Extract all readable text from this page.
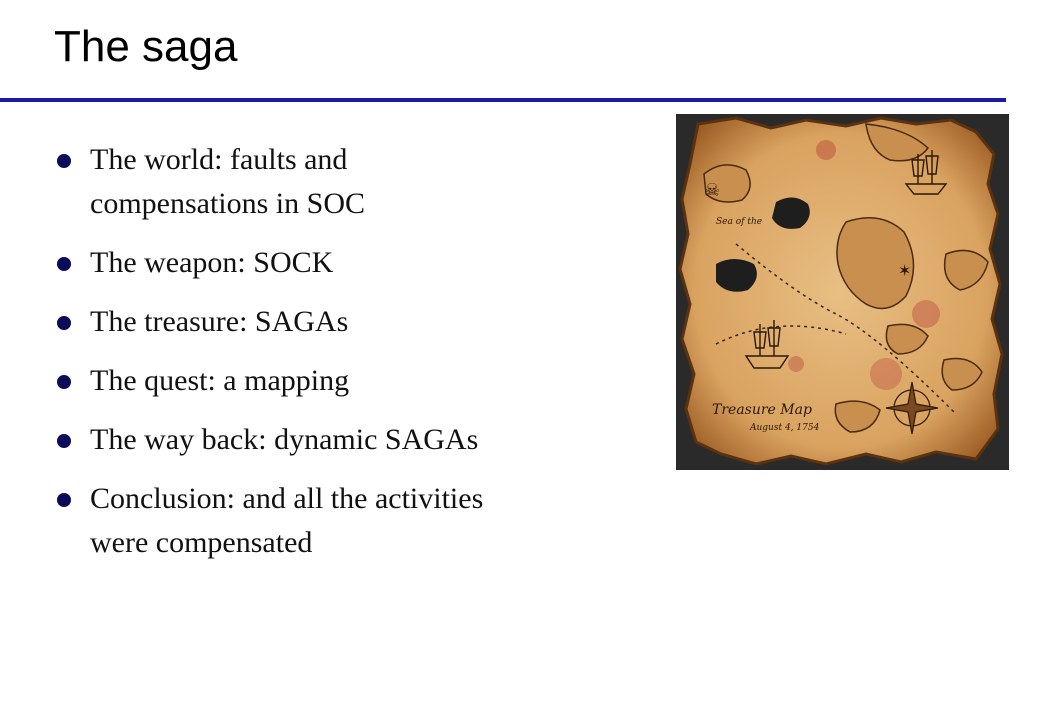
The saga
The world: faults and
compensations in SOC
The weapon: SOCK
The treasure: SAGAs
The quest: a mapping
The way back: dynamic SAGAs
Conclusion: and all the activities
were compensated
☠
✶
Sea of the
Treasure Map
August 4, 1754
